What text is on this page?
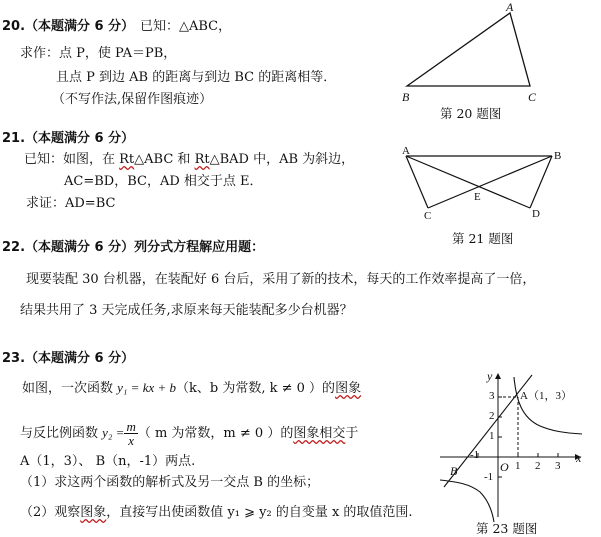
20.（本题满分 6 分） 已知：△ABC，
求作：点 P，使 PA＝PB，
且点 P 到边 AB 的距离与到边 BC 的距离相等．
（不写作法,保留作图痕迹）
A
B	C
第 20 题图
21.（本题满分 6 分）
已知：如图，在 Rt△ABC 和 Rt△BAD 中，AB 为斜边，
AC=BD，BC，AD 相交于点 E．
求证：AD=BC
A	B
C	D
E
第 21 题图
22.（本题满分 6 分）列分式方程解应用题：
现要装配 30 台机器，在装配好 6 台后，采用了新的技术，每天的工作效率提高了一倍，
结果共用了 3 天完成任务,求原来每天能装配多少台机器？
23.（本题满分 6 分）
如图，一次函数 y₁ = kx + b（k、b 为常数, k ≠ 0 ）的图象
与反比例函数 $y_2 = \frac{m}{x}$ （ m 为常数，m ≠ 0 ）的图象相交于
A（1，3）、 B（n，-1）两点.
（1）求这两个函数的解析式及另一交点 B 的坐标；
（2）观察图象，直接写出使函数值 y₁ ⩾ y₂ 的自变量 x 的取值范围.
y
x
O
A（1，3）
B
3
2
1
-1
-1
1 2 3
第 23 题图
